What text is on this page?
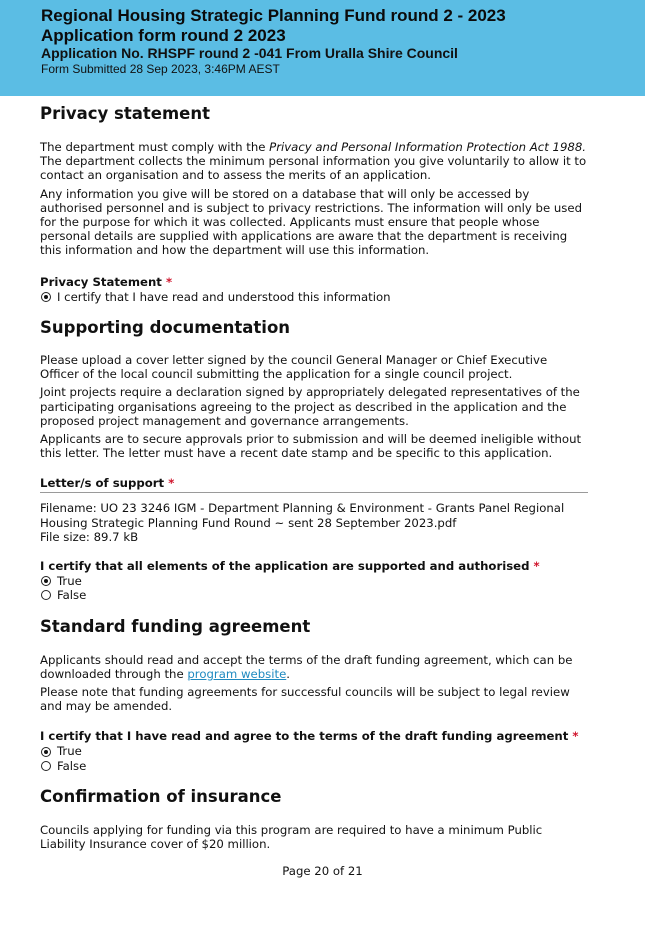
Regional Housing Strategic Planning Fund round 2 - 2023
Application form round 2 2023
Application No. RHSPF round 2 -041 From Uralla Shire Council
Form Submitted 28 Sep 2023, 3:46PM AEST
Privacy statement

The department must comply with the Privacy and Personal Information Protection Act 1988. The department collects the minimum personal information you give voluntarily to allow it to contact an organisation and to assess the merits of an application.

Any information you give will be stored on a database that will only be accessed by authorised personnel and is subject to privacy restrictions. The information will only be used for the purpose for which it was collected. Applicants must ensure that people whose personal details are supplied with applications are aware that the department is receiving this information and how the department will use this information.

Privacy Statement *
I certify that I have read and understood this information
Supporting documentation

Please upload a cover letter signed by the council General Manager or Chief Executive Officer of the local council submitting the application for a single council project.

Joint projects require a declaration signed by appropriately delegated representatives of the participating organisations agreeing to the project as described in the application and the proposed project management and governance arrangements.

Applicants are to secure approvals prior to submission and will be deemed ineligible without this letter. The letter must have a recent date stamp and be specific to this application.

Letter/s of support *

Filename: UO 23 3246 IGM - Department Planning & Environment - Grants Panel Regional Housing Strategic Planning Fund Round ~ sent 28 September 2023.pdf

File size: 89.7 kB

I certify that all elements of the application are supported and authorised *
True
False
Standard funding agreement

Applicants should read and accept the terms of the draft funding agreement, which can be downloaded through the program website.

Please note that funding agreements for successful councils will be subject to legal review and may be amended.

I certify that I have read and agree to the terms of the draft funding agreement *
True
False
Confirmation of insurance

Councils applying for funding via this program are required to have a minimum Public Liability Insurance cover of $20 million.

Page 20 of 21
